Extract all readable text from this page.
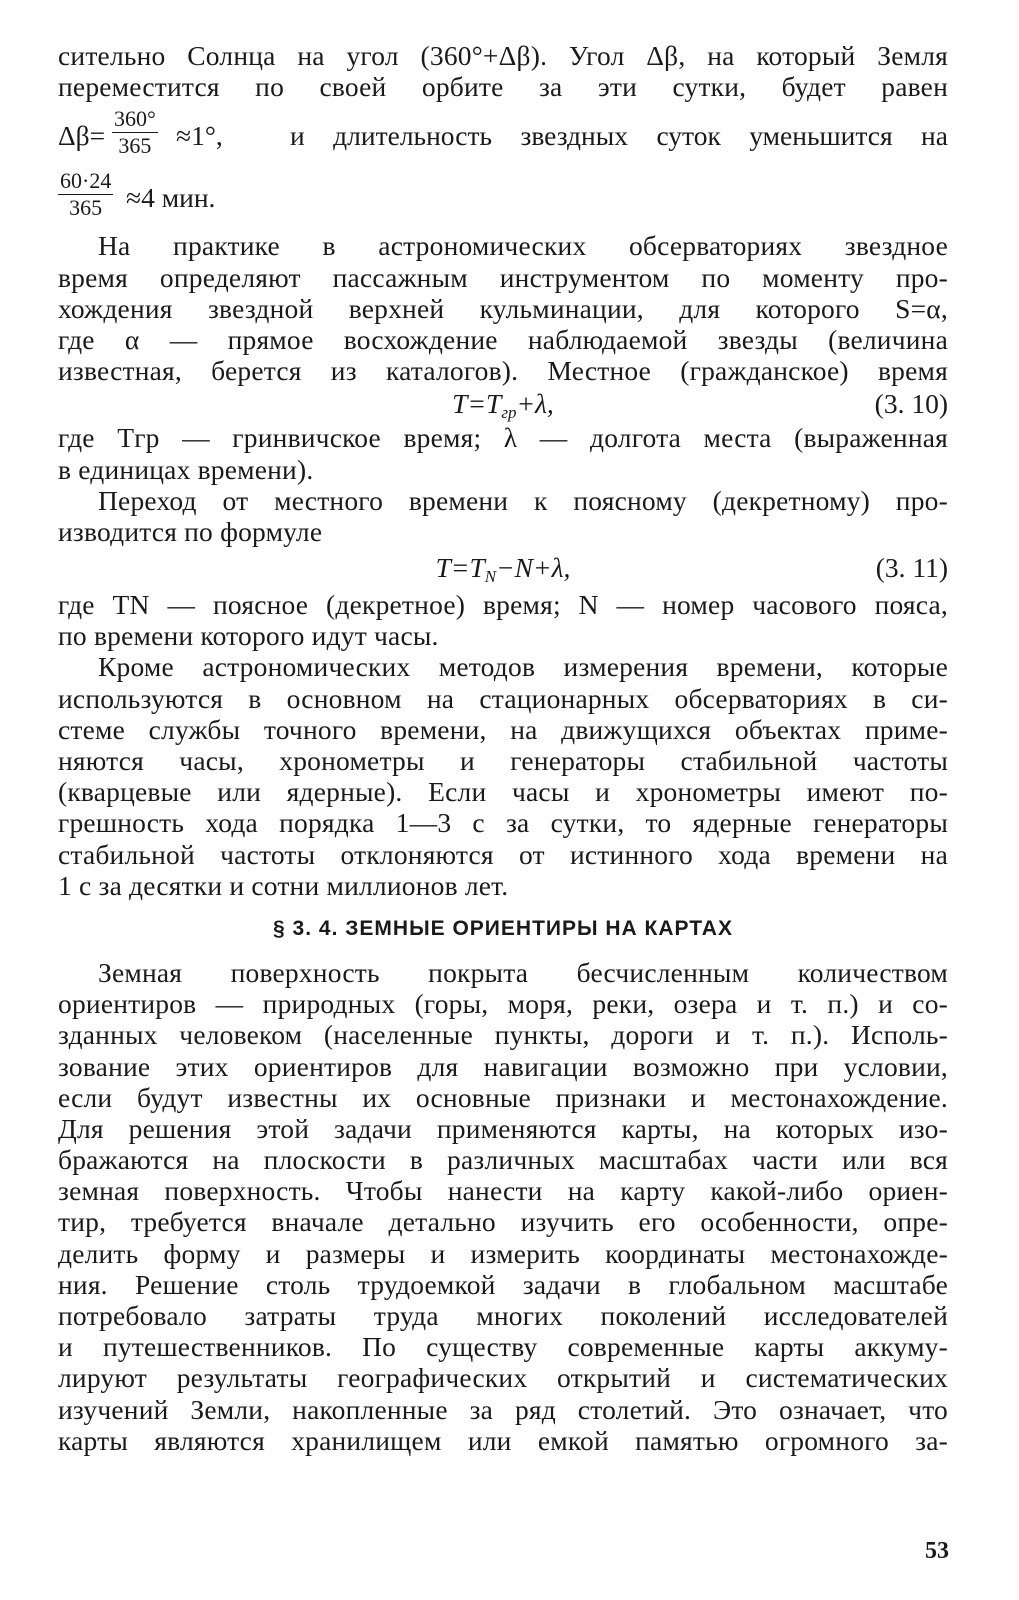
сительно Солнца на угол (360°+Δβ). Угол Δβ, на который Земля
переместится по своей орбите за эти сутки, будет равен
$\Delta\beta= \frac{360^\circ}{365} \approx 1^\circ$, и длительность звездных суток уменьшится на
$\frac{60\cdot 24}{365} \approx 4$ мин.
На практике в астрономических обсерваториях звездное
время определяют пассажным инструментом по моменту про-
хождения звездной верхней кульминации, для которого S=α,
где α — прямое восхождение наблюдаемой звезды (величина
известная, берется из каталогов). Местное (гражданское) время
$T=T_{гр}+\lambda$,	(3. 10)
где Tгр — гринвичское время; λ — долгота места (выраженная
в единицах времени).
Переход от местного времени к поясному (декретному) про-
изводится по формуле
$T=T_N-N+\lambda$,	(3. 11)
где TN — поясное (декретное) время; N — номер часового пояса,
по времени которого идут часы.
Кроме астрономических методов измерения времени, которые
используются в основном на стационарных обсерваториях в си-
стеме службы точного времени, на движущихся объектах приме-
няются часы, хронометры и генераторы стабильной частоты
(кварцевые или ядерные). Если часы и хронометры имеют по-
грешность хода порядка 1—3 с за сутки, то ядерные генераторы
стабильной частоты отклоняются от истинного хода времени на
1 с за десятки и сотни миллионов лет.
§ 3. 4. ЗЕМНЫЕ ОРИЕНТИРЫ НА КАРТАХ
Земная поверхность покрыта бесчисленным количеством
ориентиров — природных (горы, моря, реки, озера и т. п.) и со-
зданных человеком (населенные пункты, дороги и т. п.). Исполь-
зование этих ориентиров для навигации возможно при условии,
если будут известны их основные признаки и местонахождение.
Для решения этой задачи применяются карты, на которых изо-
бражаются на плоскости в различных масштабах части или вся
земная поверхность. Чтобы нанести на карту какой-либо ориен-
тир, требуется вначале детально изучить его особенности, опре-
делить форму и размеры и измерить координаты местонахожде-
ния. Решение столь трудоемкой задачи в глобальном масштабе
потребовало затраты труда многих поколений исследователей
и путешественников. По существу современные карты аккуму-
лируют результаты географических открытий и систематических
изучений Земли, накопленные за ряд столетий. Это означает, что
карты являются хранилищем или емкой памятью огромного за-
53
